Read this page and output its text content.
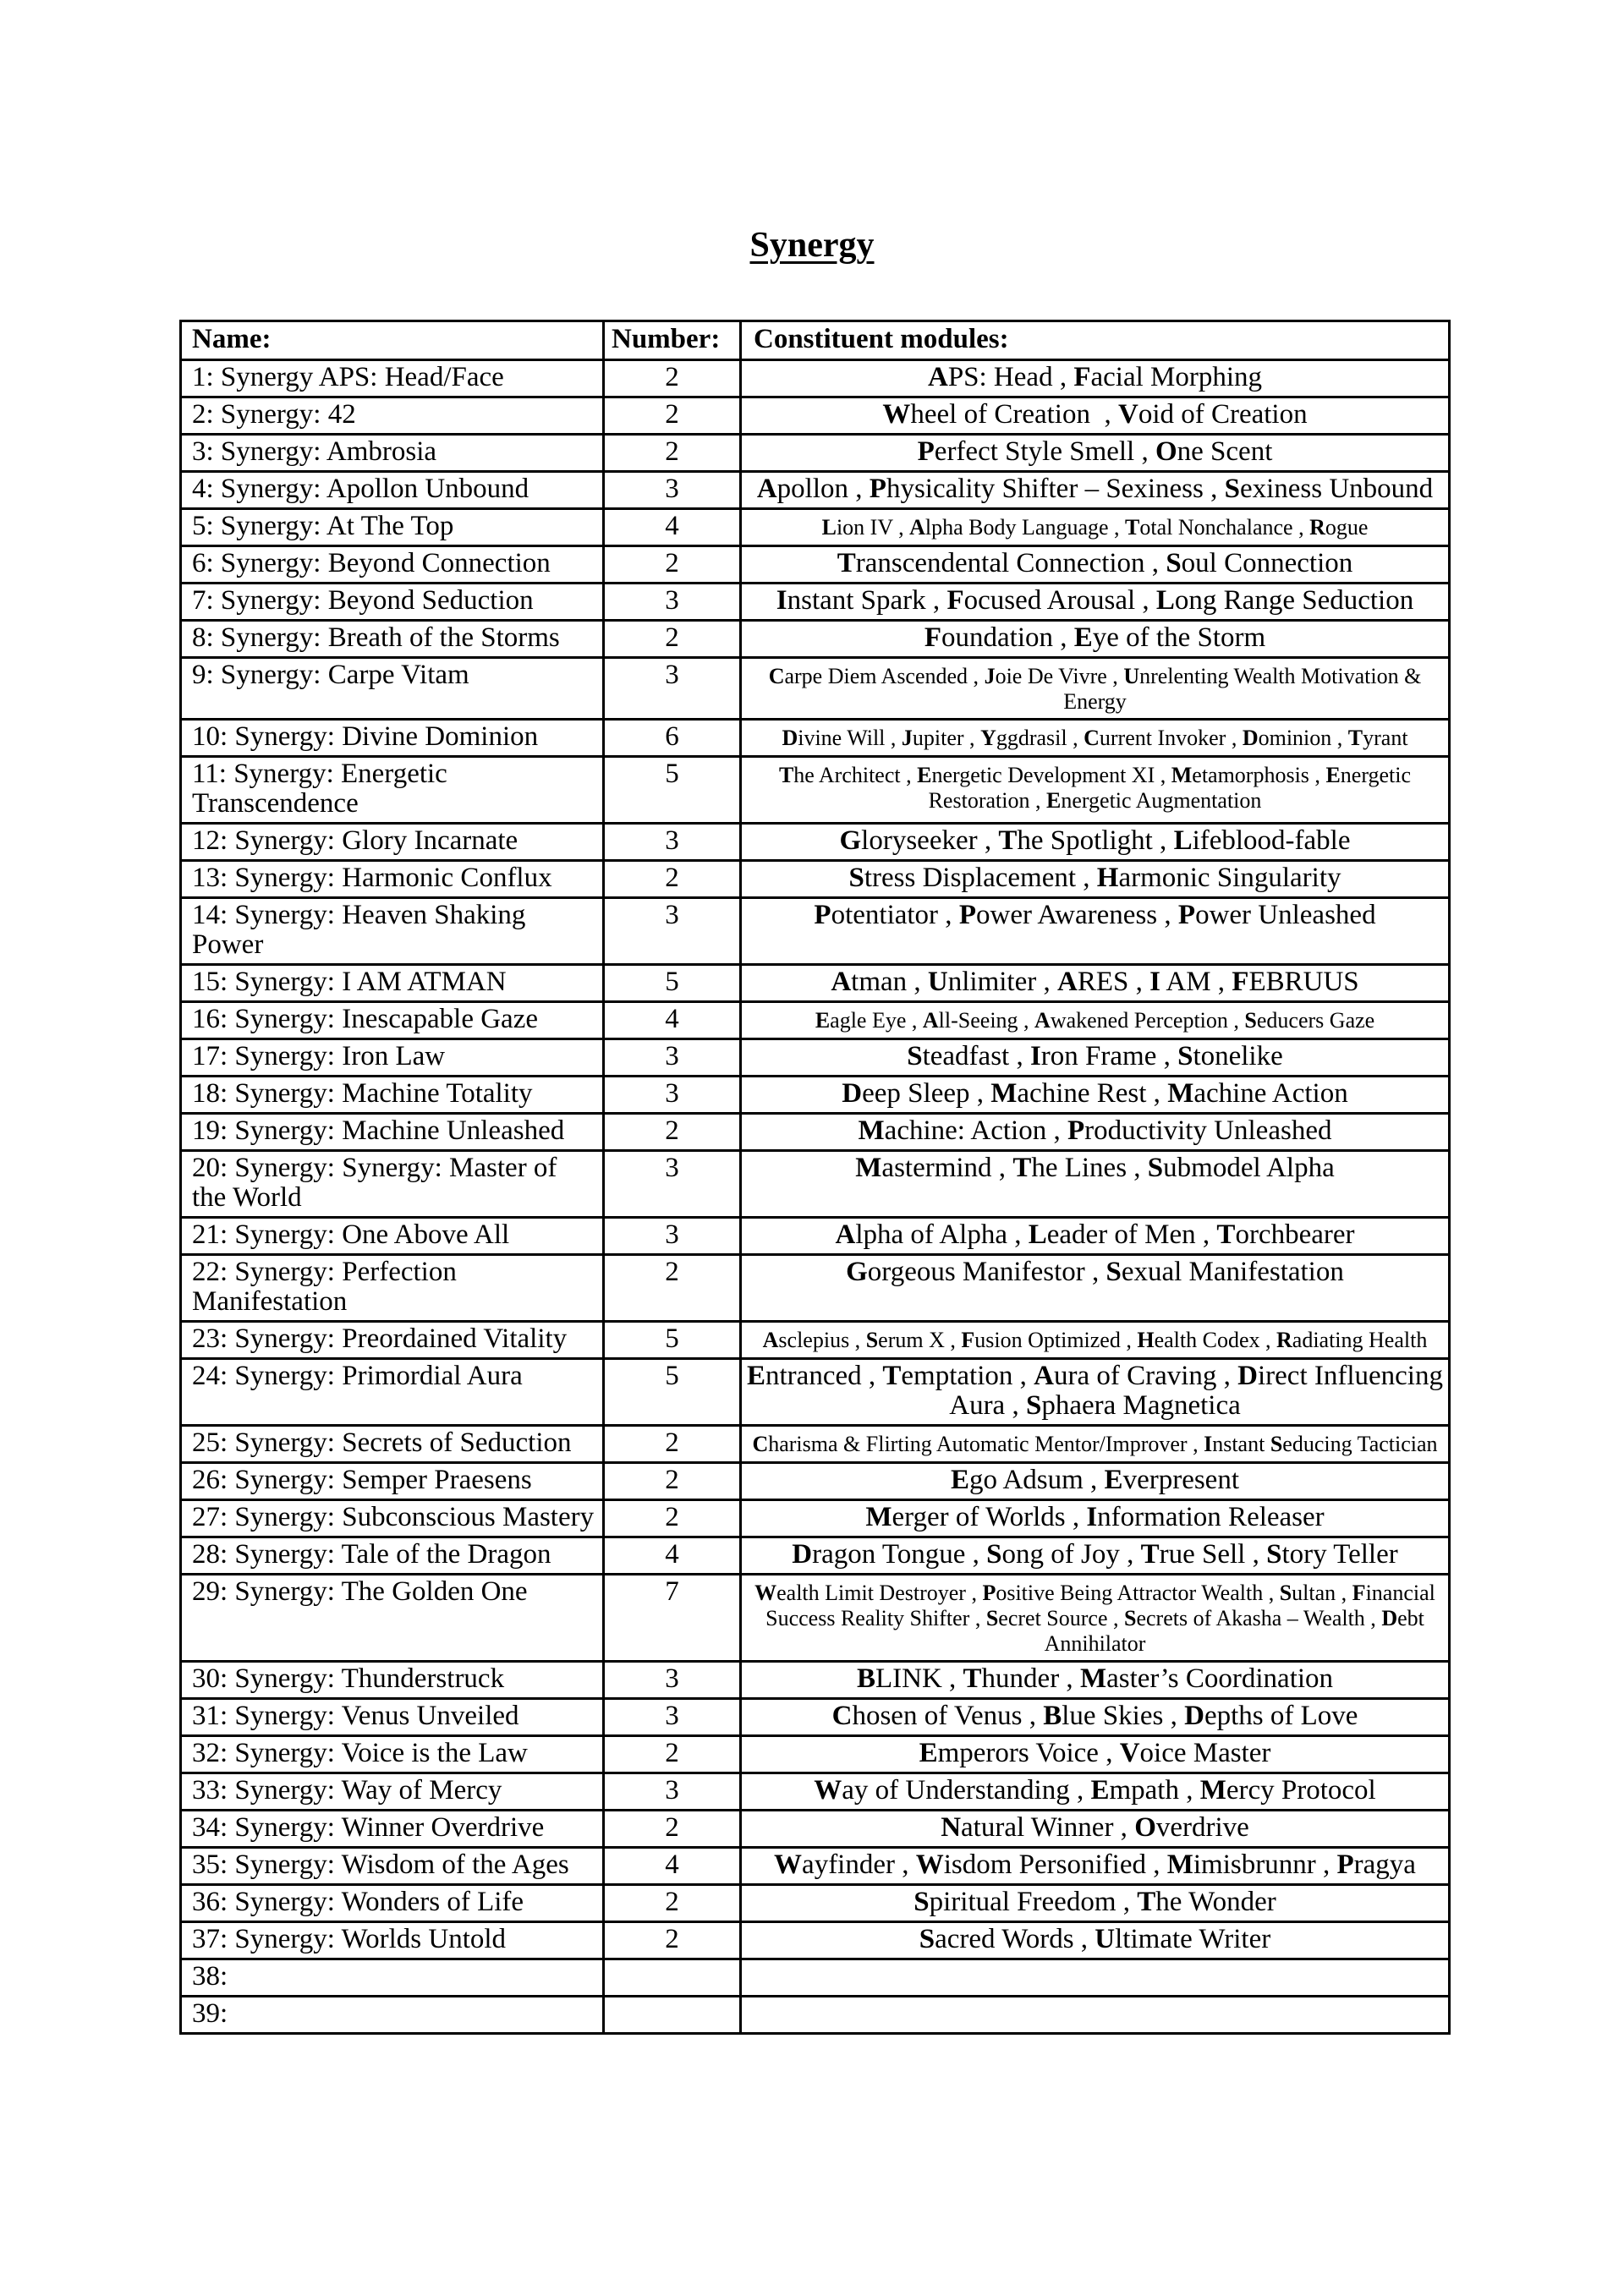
Synergy
Name:	Number:	Constituent modules:
1: Synergy APS: Head/Face	2	APS: Head , Facial Morphing
2: Synergy: 42	2	Wheel of Creation  , Void of Creation
3: Synergy: Ambrosia	2	Perfect Style Smell , One Scent
4: Synergy: Apollon Unbound	3	Apollon , Physicality Shifter – Sexiness , Sexiness Unbound
5: Synergy: At The Top	4	Lion IV , Alpha Body Language , Total Nonchalance , Rogue
6: Synergy: Beyond Connection	2	Transcendental Connection , Soul Connection
7: Synergy: Beyond Seduction	3	Instant Spark , Focused Arousal , Long Range Seduction
8: Synergy: Breath of the Storms	2	Foundation , Eye of the Storm
9: Synergy: Carpe Vitam	3	Carpe Diem Ascended , Joie De Vivre , Unrelenting Wealth Motivation & Energy
10: Synergy: Divine Dominion	6	Divine Will , Jupiter , Yggdrasil , Current Invoker , Dominion , Tyrant
11: Synergy: Energetic Transcendence	5	The Architect , Energetic Development XI , Metamorphosis , Energetic Restoration , Energetic Augmentation
12: Synergy: Glory Incarnate	3	Gloryseeker , The Spotlight , Lifeblood-fable
13: Synergy: Harmonic Conflux	2	Stress Displacement , Harmonic Singularity
14: Synergy: Heaven Shaking Power	3	Potentiator , Power Awareness , Power Unleashed
15: Synergy: I AM ATMAN	5	Atman , Unlimiter , ARES , I AM , FEBRUUS
16: Synergy: Inescapable Gaze	4	Eagle Eye , All-Seeing , Awakened Perception , Seducers Gaze
17: Synergy: Iron Law	3	Steadfast , Iron Frame , Stonelike
18: Synergy: Machine Totality	3	Deep Sleep , Machine Rest , Machine Action
19: Synergy: Machine Unleashed	2	Machine: Action , Productivity Unleashed
20: Synergy: Synergy: Master of the World	3	Mastermind , The Lines , Submodel Alpha
21: Synergy: One Above All	3	Alpha of Alpha , Leader of Men , Torchbearer
22: Synergy: Perfection Manifestation	2	Gorgeous Manifestor , Sexual Manifestation
23: Synergy: Preordained Vitality	5	Asclepius , Serum X , Fusion Optimized , Health Codex , Radiating Health
24: Synergy: Primordial Aura	5	Entranced , Temptation , Aura of Craving , Direct Influencing Aura , Sphaera Magnetica
25: Synergy: Secrets of Seduction	2	Charisma & Flirting Automatic Mentor/Improver , Instant Seducing Tactician
26: Synergy: Semper Praesens	2	Ego Adsum , Everpresent
27: Synergy: Subconscious Mastery	2	Merger of Worlds , Information Releaser
28: Synergy: Tale of the Dragon	4	Dragon Tongue , Song of Joy , True Sell , Story Teller
29: Synergy: The Golden One	7	Wealth Limit Destroyer , Positive Being Attractor Wealth , Sultan , Financial Success Reality Shifter , Secret Source , Secrets of Akasha – Wealth , Debt Annihilator
30: Synergy: Thunderstruck	3	BLINK , Thunder , Master’s Coordination
31: Synergy: Venus Unveiled	3	Chosen of Venus , Blue Skies , Depths of Love
32: Synergy: Voice is the Law	2	Emperors Voice , Voice Master
33: Synergy: Way of Mercy	3	Way of Understanding , Empath , Mercy Protocol
34: Synergy: Winner Overdrive	2	Natural Winner , Overdrive
35: Synergy: Wisdom of the Ages	4	Wayfinder , Wisdom Personified , Mimisbrunnr , Pragya
36: Synergy: Wonders of Life	2	Spiritual Freedom , The Wonder
37: Synergy: Worlds Untold	2	Sacred Words , Ultimate Writer
38:		
39:		
